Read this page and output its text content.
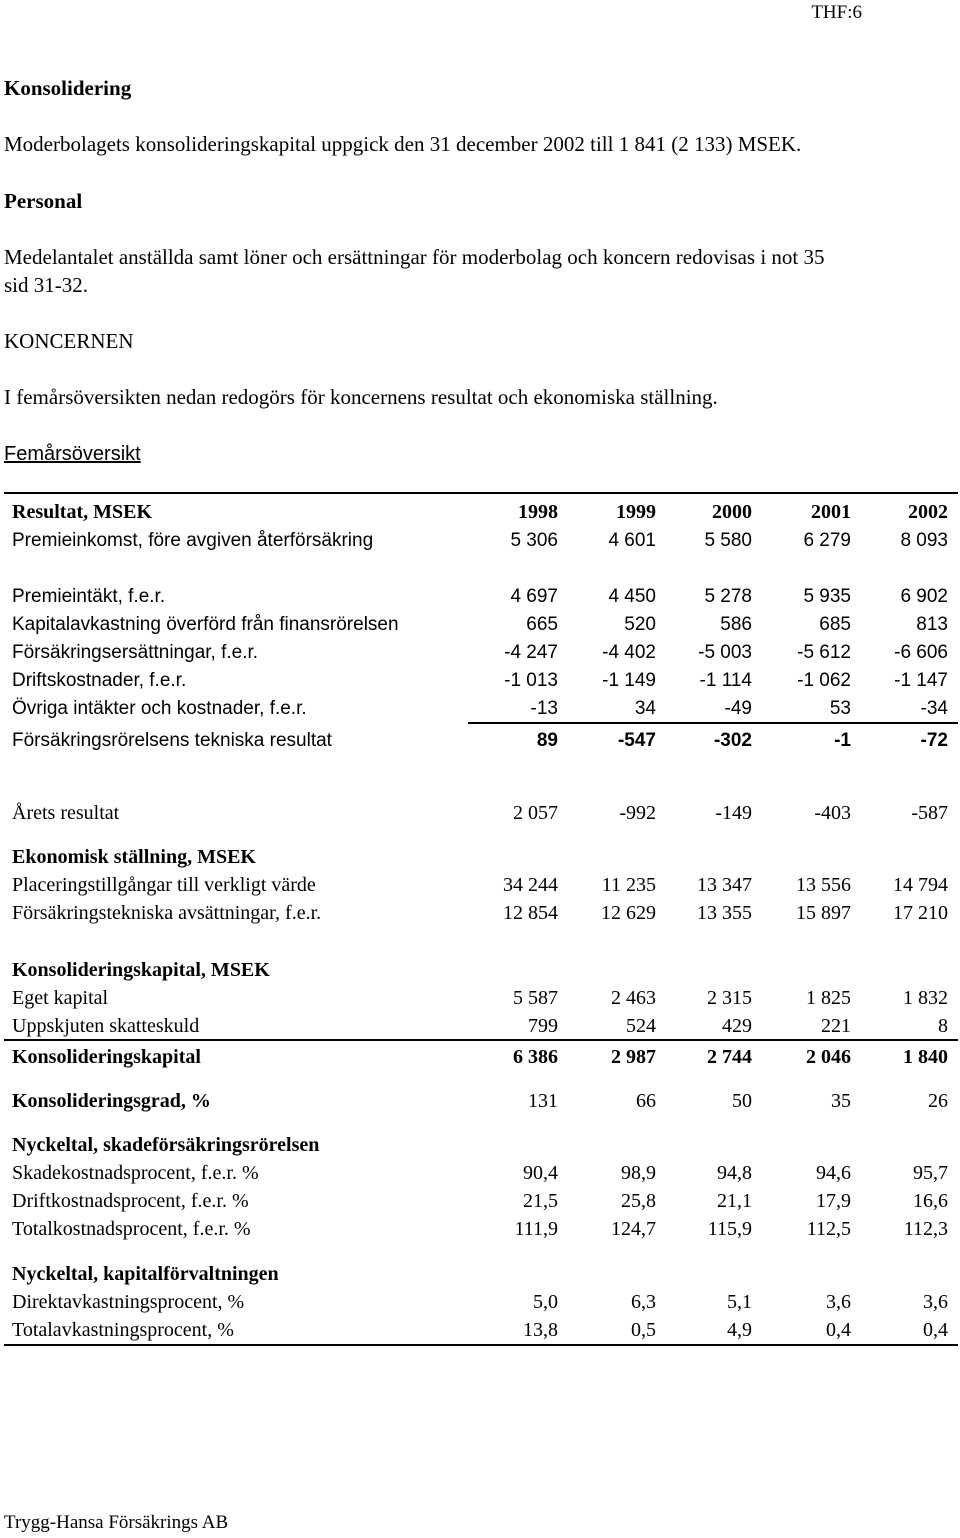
THF:6
Konsolidering
Moderbolagets konsolideringskapital uppgick den 31 december 2002 till 1 841 (2 133) MSEK.
Personal
Medelantalet anställda samt löner och ersättningar för moderbolag och koncern redovisas i not 35
sid 31-32.
KONCERNEN
I femårsöversikten nedan redogörs för koncernens resultat och ekonomiska ställning.
Femårsöversikt
Resultat, MSEK	1998	1999	2000	2001	2002
Premieinkomst, före avgiven återförsäkring	5 306	4 601	5 580	6 279	8 093
Premieintäkt, f.e.r.	4 697	4 450	5 278	5 935	6 902
Kapitalavkastning överförd från finansrörelsen	665	520	586	685	813
Försäkringsersättningar, f.e.r.	-4 247	-4 402	-5 003	-5 612	-6 606
Driftskostnader, f.e.r.	-1 013	-1 149	-1 114	-1 062	-1 147
Övriga intäkter och kostnader, f.e.r.	-13	34	-49	53	-34
Försäkringsrörelsens tekniska resultat	89	-547	-302	-1	-72
Årets resultat	2 057	-992	-149	-403	-587
Ekonomisk ställning, MSEK
Placeringstillgångar till verkligt värde	34 244	11 235	13 347	13 556	14 794
Försäkringstekniska avsättningar, f.e.r.	12 854	12 629	13 355	15 897	17 210
Konsolideringskapital, MSEK
Eget kapital	5 587	2 463	2 315	1 825	1 832
Uppskjuten skatteskuld	799	524	429	221	8
Konsolideringskapital	6 386	2 987	2 744	2 046	1 840
Konsolideringsgrad, %	131	66	50	35	26
Nyckeltal, skadeförsäkringsrörelsen
Skadekostnadsprocent, f.e.r. %	90,4	98,9	94,8	94,6	95,7
Driftkostnadsprocent, f.e.r. %	21,5	25,8	21,1	17,9	16,6
Totalkostnadsprocent, f.e.r. %	111,9	124,7	115,9	112,5	112,3
Nyckeltal, kapitalförvaltningen
Direktavkastningsprocent, %	5,0	6,3	5,1	3,6	3,6
Totalavkastningsprocent, %	13,8	0,5	4,9	0,4	0,4
Trygg-Hansa Försäkrings AB
